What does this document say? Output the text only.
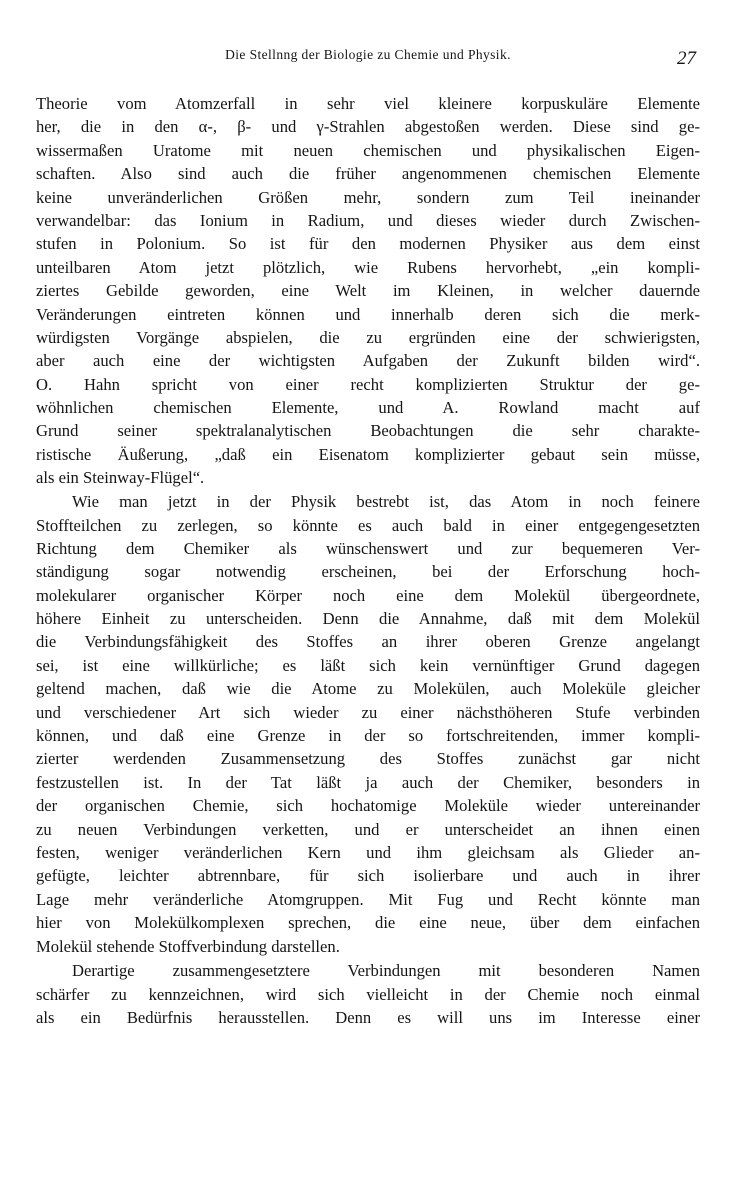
Die Stellnng der Biologie zu Chemie und Physik.	27
Theorie vom Atomzerfall in sehr viel kleinere korpuskuläre Elemente
her, die in den α-, β- und γ-Strahlen abgestoßen werden. Diese sind ge-
wissermaßen Uratome mit neuen chemischen und physikalischen Eigen-
schaften. Also sind auch die früher angenommenen chemischen Elemente
keine unveränderlichen Größen mehr, sondern zum Teil ineinander
verwandelbar: das Ionium in Radium, und dieses wieder durch Zwischen-
stufen in Polonium. So ist für den modernen Physiker aus dem einst
unteilbaren Atom jetzt plötzlich, wie Rubens hervorhebt, „ein kompli-
ziertes Gebilde geworden, eine Welt im Kleinen, in welcher dauernde
Veränderungen eintreten können und innerhalb deren sich die merk-
würdigsten Vorgänge abspielen, die zu ergründen eine der schwierigsten,
aber auch eine der wichtigsten Aufgaben der Zukunft bilden wird“.
O. Hahn spricht von einer recht komplizierten Struktur der ge-
wöhnlichen chemischen Elemente, und A. Rowland macht auf
Grund seiner spektralanalytischen Beobachtungen die sehr charakte-
ristische Äußerung, „daß ein Eisenatom komplizierter gebaut sein müsse,
als ein Steinway-Flügel“.
Wie man jetzt in der Physik bestrebt ist, das Atom in noch feinere
Stoffteilchen zu zerlegen, so könnte es auch bald in einer entgegengesetzten
Richtung dem Chemiker als wünschenswert und zur bequemeren Ver-
ständigung sogar notwendig erscheinen, bei der Erforschung hoch-
molekularer organischer Körper noch eine dem Molekül übergeordnete,
höhere Einheit zu unterscheiden. Denn die Annahme, daß mit dem Molekül
die Verbindungsfähigkeit des Stoffes an ihrer oberen Grenze angelangt
sei, ist eine willkürliche; es läßt sich kein vernünftiger Grund dagegen
geltend machen, daß wie die Atome zu Molekülen, auch Moleküle gleicher
und verschiedener Art sich wieder zu einer nächsthöheren Stufe verbinden
können, und daß eine Grenze in der so fortschreitenden, immer kompli-
zierter werdenden Zusammensetzung des Stoffes zunächst gar nicht
festzustellen ist. In der Tat läßt ja auch der Chemiker, besonders in
der organischen Chemie, sich hochatomige Moleküle wieder untereinander
zu neuen Verbindungen verketten, und er unterscheidet an ihnen einen
festen, weniger veränderlichen Kern und ihm gleichsam als Glieder an-
gefügte, leichter abtrennbare, für sich isolierbare und auch in ihrer
Lage mehr veränderliche Atomgruppen. Mit Fug und Recht könnte man
hier von Molekülkomplexen sprechen, die eine neue, über dem einfachen
Molekül stehende Stoffverbindung darstellen.
Derartige zusammengesetztere Verbindungen mit besonderen Namen
schärfer zu kennzeichnen, wird sich vielleicht in der Chemie noch einmal
als ein Bedürfnis herausstellen. Denn es will uns im Interesse einer
